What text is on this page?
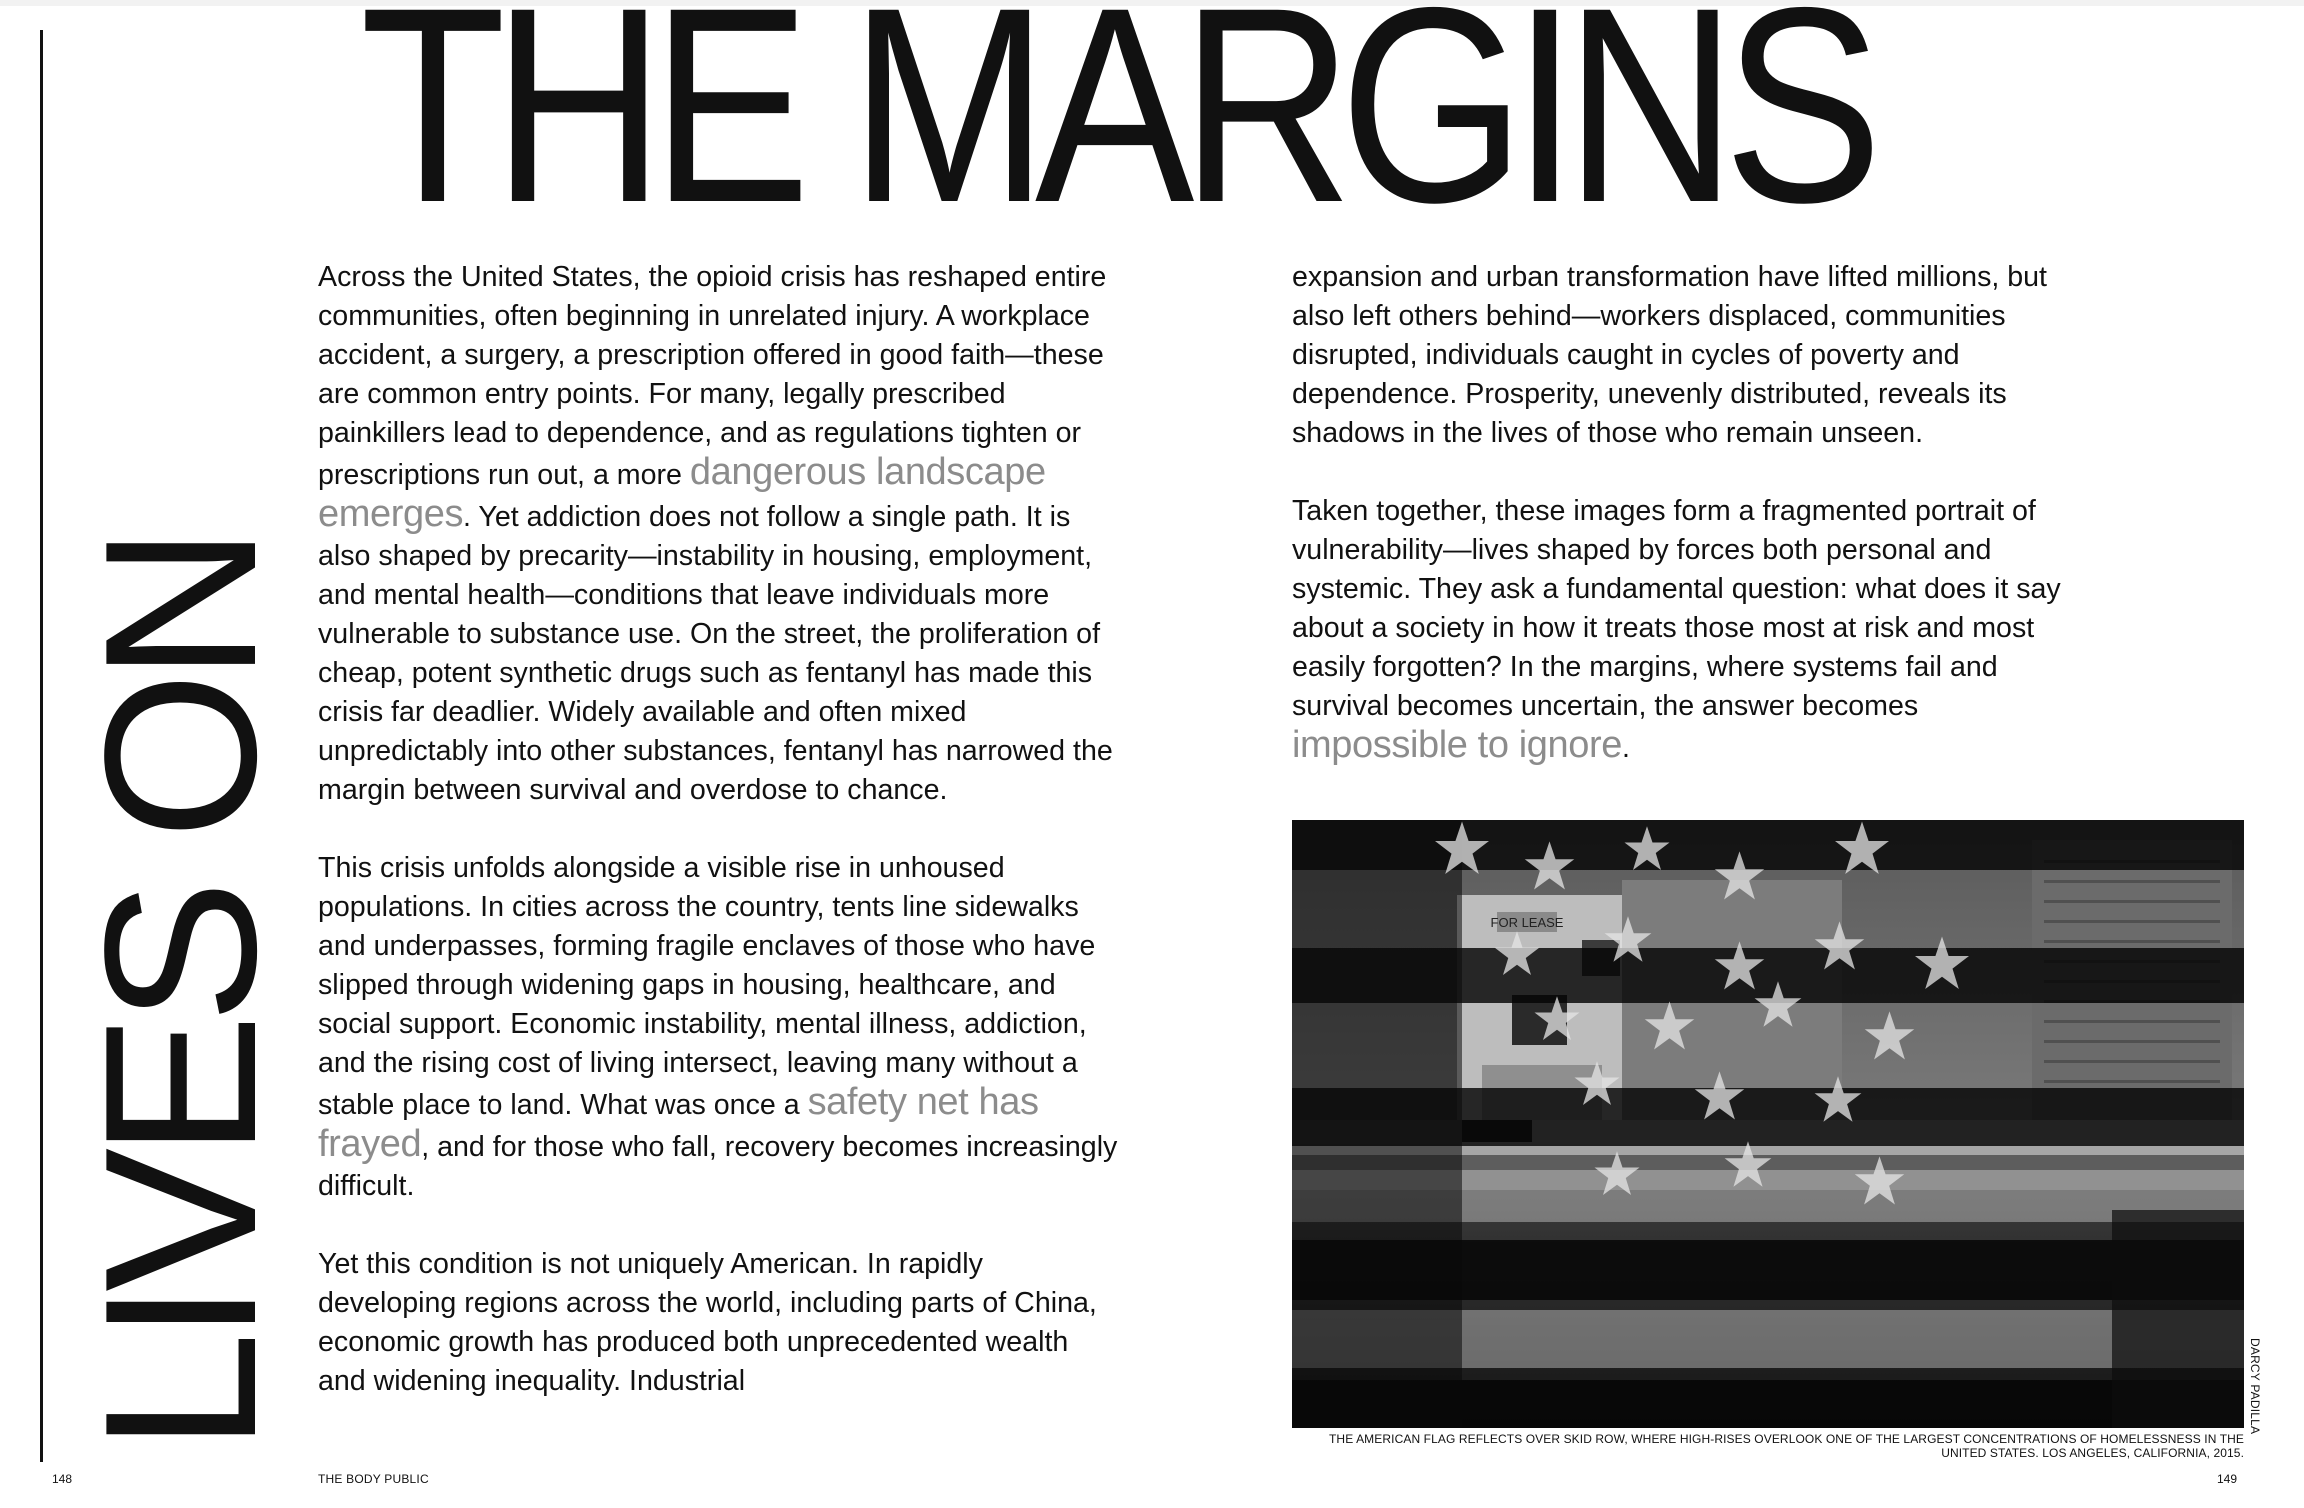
THE MARGINS
LIVES ON

Across the United States, the opioid crisis has reshaped entire communities, often beginning in unrelated injury. A workplace accident, a surgery, a prescription offered in good faith—these are common entry points. For many, legally prescribed painkillers lead to dependence, and as regulations tighten or prescriptions run out, a more dangerous landscape emerges. Yet addiction does not follow a single path. It is also shaped by precarity—instability in housing, employment, and mental health—conditions that leave individuals more vulnerable to substance use. On the street, the proliferation of cheap, potent synthetic drugs such as fentanyl has made this crisis far deadlier. Widely available and often mixed unpredictably into other substances, fentanyl has narrowed the margin between survival and overdose to chance.

This crisis unfolds alongside a visible rise in unhoused populations. In cities across the country, tents line sidewalks and underpasses, forming fragile enclaves of those who have slipped through widening gaps in housing, healthcare, and social support. Economic instability, mental illness, addiction, and the rising cost of living intersect, leaving many without a stable place to land. What was once a safety net has frayed, and for those who fall, recovery becomes increasingly difficult.

Yet this condition is not uniquely American. In rapidly developing regions across the world, including parts of China, economic growth has produced both unprecedented wealth and widening inequality. Industrial

expansion and urban transformation have lifted millions, but also left others behind—workers displaced, communities disrupted, individuals caught in cycles of poverty and dependence. Prosperity, unevenly distributed, reveals its shadows in the lives of those who remain unseen.

Taken together, these images form a fragmented portrait of vulnerability—lives shaped by forces both personal and systemic. They ask a fundamental question: what does it say about a society in how it treats those most at risk and most easily forgotten? In the margins, where systems fail and survival becomes uncertain, the answer becomes impossible to ignore.

FOR LEASE
DARCY PADILLA
THE AMERICAN FLAG REFLECTS OVER SKID ROW, WHERE HIGH-RISES OVERLOOK ONE OF THE LARGEST CONCENTRATIONS OF HOMELESSNESS IN THE UNITED STATES. LOS ANGELES, CALIFORNIA, 2015.
148	THE BODY PUBLIC	149
